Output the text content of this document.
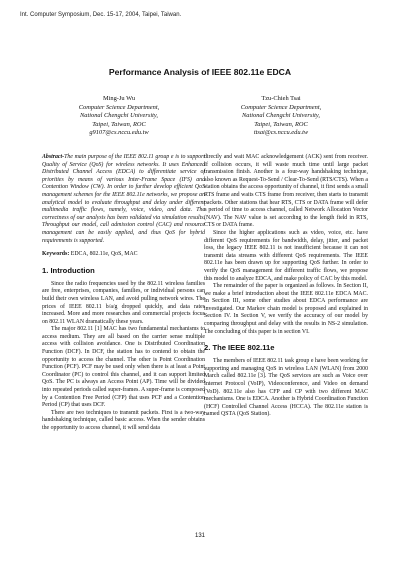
Int. Computer Symposium, Dec. 15-17, 2004, Taipei, Taiwan.
Performance Analysis of IEEE 802.11e EDCA
Ming-Ju Wu
Computer Science Department,
National Chengchi University,
Taipei, Taiwan, ROC
g9107@cs.nccu.edu.tw
Tzu-Chieh Tsai
Computer Science Department,
National Chengchi University,
Taipei, Taiwan, ROC
ttsai@cs.nccu.edu.tw

Abstract-The main purpose of the IEEE 802.11 group e is to support Quality of Service (QoS) for wireless networks. It uses Enhanced Distributed Channel Access (EDCA) to differentiate service of priorities by means of various Inter-Frame Space (IFS) and Contention Window (CW). In order to further develop efficient QoS management schemes for the IEEE 802.11e networks, we propose an analytical model to evaluate throughput and delay under different multimedia traffic flows, namely, voice, video, and data. The correctness of our analysis has been validated via simulation results. Throughput our model, call admission control (CAC) and resource management can be easily applied, and thus QoS for hybrid requirements is supported.

Keywords: EDCA, 802.11e, QoS, MAC

1. Introduction

Since the radio frequencies used by the 802.11 wireless families are free, enterprises, companies, families, or individual persons can build their own wireless LAN, and avoid pulling network wires. The prices of IEEE 802.11 b/a/g dropped quickly, and data rates increased. More and more researches and commercial projects focus on 802.11 WLAN dramatically these years.

The major 802.11 [1] MAC has two fundamental mechanisms to access medium. They are all based on the carrier sense multiple access with collision avoidance. One is Distributed Coordination Function (DCF). In DCF, the station has to contend to obtain the opportunity to access the channel. The other is Point Coordination Function (PCF). PCF may be used only when there is at least a Point Coordinator (PC) to control this channel, and it can support limited QoS. The PC is always an Access Point (AP). Time will be divided into repeated periods called super-frames. A super-frame is composed by a Contention Free Period (CFP) that uses PCF and a Contention Period (CP) that uses DCF.

There are two techniques to transmit packets. First is a two-way handshaking technique, called basic access. When the sender obtains the opportunity to access channel, it will send data

directly and wait MAC acknowledgement (ACK) sent from receiver. If collision occurs, it will waste much time until large packet transmission finish. Another is a four-way handshaking technique, also known as Request-To-Send / Clear-To-Send (RTS/CTS). When a station obtains the access opportunity of channel, it first sends a small RTS frame and waits CTS frame from receiver, then starts to transmit packets. Other stations that hear RTS, CTS or DATA frame will defer a period of time to access channel, called Network Allocation Vector (NAV). The NAV value is set according to the length field in RTS, CTS or DATA frame.

Since the higher applications such as video, voice, etc. have different QoS requirements for bandwidth, delay, jitter, and packet loss, the legacy IEEE 802.11 is not insufficient because it can not transmit data streams with different QoS requirements. The IEEE 802.11e has been drawn up for supporting QoS further. In order to verify the QoS management for different traffic flows, we propose this model to analyze EDCA, and make policy of CAC by this model.

The remainder of the paper is organized as follows. In Section II, we make a brief introduction about the IEEE 802.11e EDCA MAC. In Section III, some other studies about EDCA performance are investigated. Our Markov chain model is proposed and explained in Section IV. In Section V, we verify the accuracy of our model by comparing throughput and delay with the results in NS-2 simulation. The concluding of this paper is in section VI.

2. The IEEE 802.11e

The members of IEEE 802.11 task group e have been working for supporting and managing QoS in wireless LAN (WLAN) from 2000 March called 802.11e [3]. The QoS services are such as Voice over Internet Protocol (VoIP), Videoconference, and Video on demand (VoD). 802.11e also has CFP and CP with two different MAC mechanisms. One is EDCA. Another is Hybrid Coordination Function (HCF) Controlled Channel Access (HCCA). The 802.11e station is named QSTA (QoS Station).

131
